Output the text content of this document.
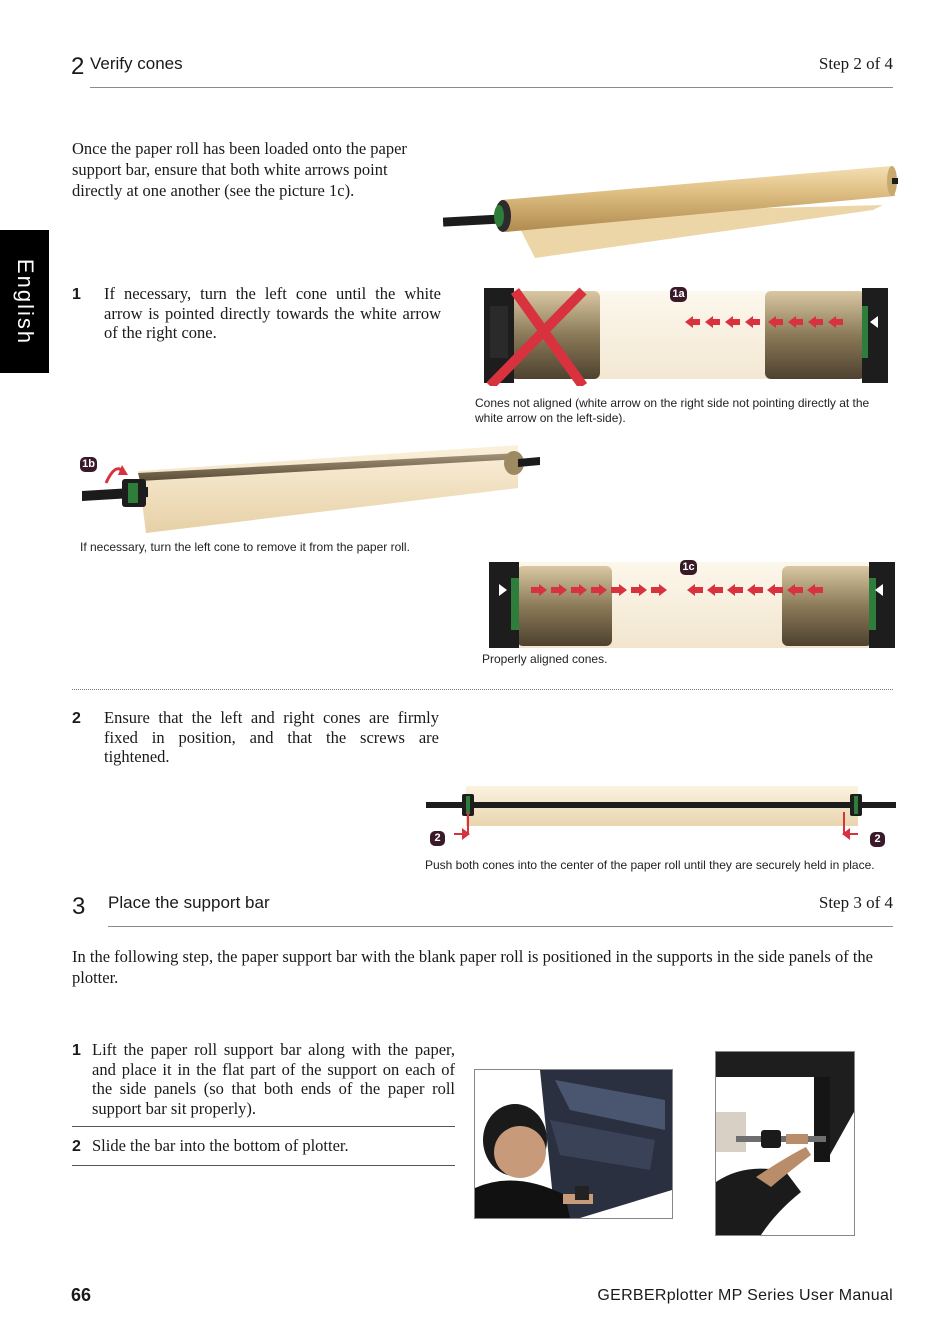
English
2 Verify cones	Step 2 of 4
Once the paper roll has been loaded onto the paper support bar, ensure that both white arrows point directly at one another (see the picture 1c).
1 If necessary, turn the left cone until the white arrow is pointed directly towards the white arrow of the right cone.
1a
Cones not aligned (white arrow on the right side not pointing directly at the white arrow on the left-side).
1b
If necessary, turn the left cone to remove it from the paper roll.
1c
Properly aligned cones.
2 Ensure that the left and right cones are firmly fixed in position, and that the screws are tightened.
2	2
Push both cones into the center of the paper roll until they are securely held in place.
3 Place the support bar	Step 3 of 4
In the following step, the paper support bar with the blank paper roll is positioned in the supports in the side panels of the plotter.
1 Lift the paper roll support bar along with the paper, and place it in the flat part of the support on each of the side panels (so that both ends of the paper roll support bar sit properly).
2 Slide the bar into the bottom of plotter.
66	GERBERplotter MP Series User Manual
